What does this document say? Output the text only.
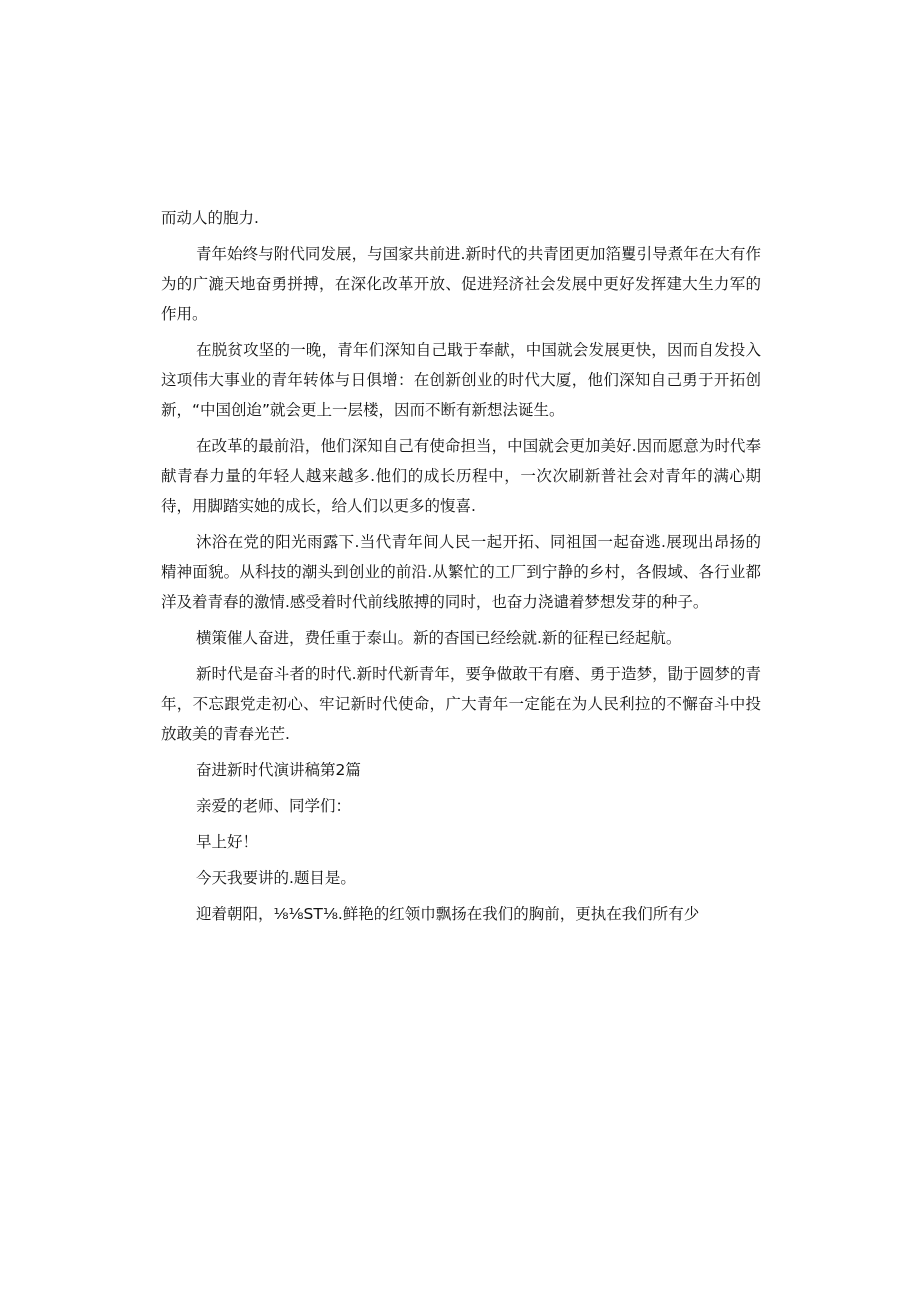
而动人的胞力.

青年始终与附代同发展，与国家共前进.新时代的共青团更加箔矍引导煮年在大有作为的广漉天地奋勇拼搏，在深化改革开放、促进羟济社会发展中更好发挥建大生力军的作用。

在脱贫攻坚的一晚，青年们深知自己戢于奉献，中国就会发展更快，因而自发投入这项伟大事业的青年转体与日俱增：在创新创业的时代大厦，他们深知自己勇于开拓创新，“中国创迨”就会更上一层楼，因而不断有新想法诞生。

在改革的最前沿，他们深知自己有使命担当，中国就会更加美好.因而愿意为时代奉献青春力量的年轻人越来越多.他们的成长历程中，一次次刷新普社会对青年的满心期待，用脚踏实她的成长，给人们以更多的愎喜.

沐浴在党的阳光雨露下.当代青年间人民一起开拓、同祖国一起奋逃.展现出昂扬的精神面貌。从科技的潮头到创业的前沿.从繁忙的工厂到宁静的乡村，各假域、各行业都洋及着青春的激情.感受着时代前线脓搏的同时，也奋力浇谴着梦想发芽的种子。

横策催人奋进，费任重于泰山。新的杳国已经绘就.新的征程已经起航。

新时代是奋斗者的时代.新时代新青年，要争做敢干有磨、勇于造梦，勖于圆梦的青年，不忘跟党走初心、牢记新时代使命，广大青年一定能在为人民利拉的不懈奋斗中投放敢美的青春光芒.

奋进新时代演讲稿第2篇

亲爱的老师、同学们：

早上好！

今天我要讲的.题目是。

迎着朝阳，⅛⅛ST⅛.鲜艳的红领巾飘扬在我们的胸前，更执在我们所有少
